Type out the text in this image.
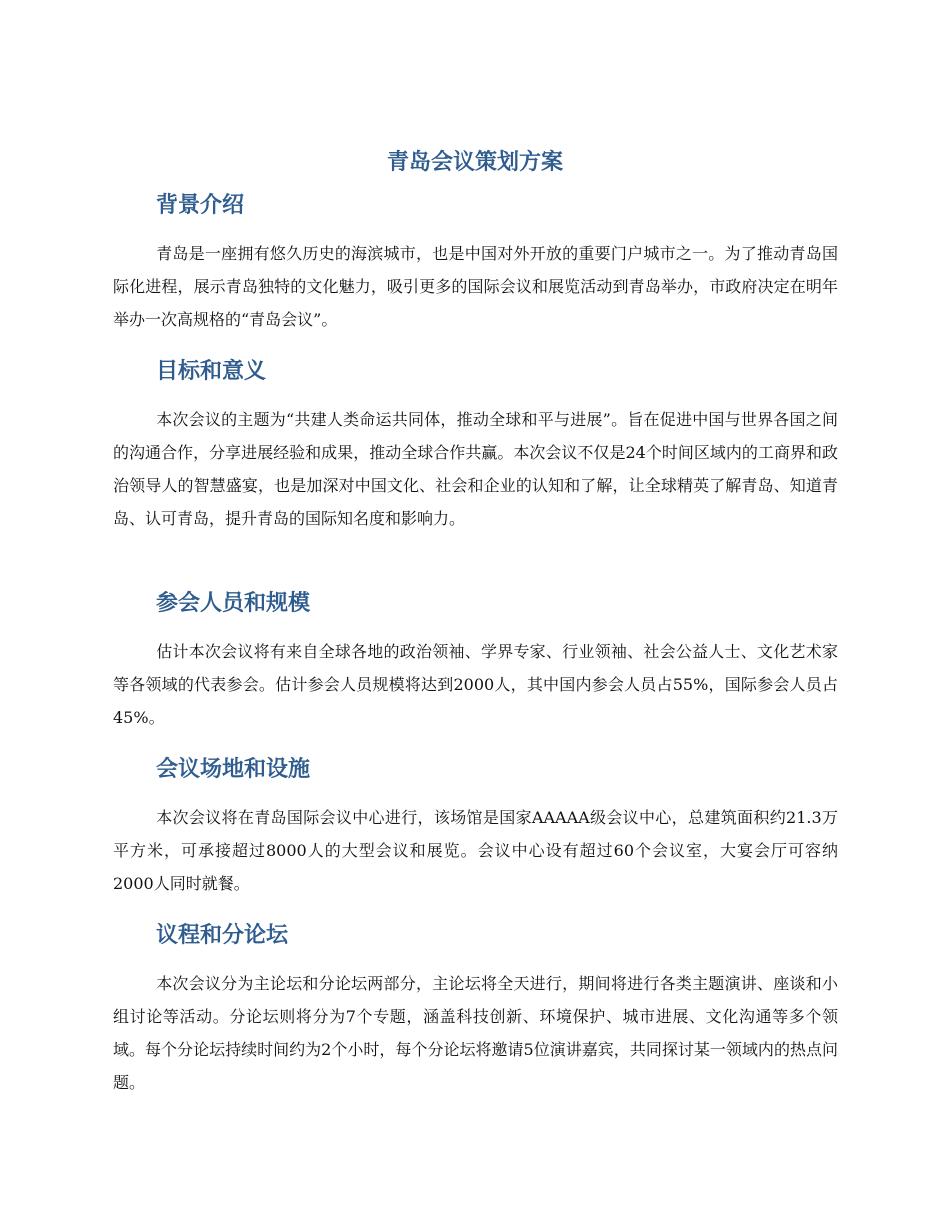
青岛会议策划方案
背景介绍

青岛是一座拥有悠久历史的海滨城市，也是中国对外开放的重要门户城市之一。为了推动青岛国际化进程，展示青岛独特的文化魅力，吸引更多的国际会议和展览活动到青岛举办，市政府决定在明年举办一次高规格的“青岛会议”。

目标和意义

本次会议的主题为“共建人类命运共同体，推动全球和平与进展”。旨在促进中国与世界各国之间的沟通合作，分享进展经验和成果，推动全球合作共赢。本次会议不仅是24个时间区域内的工商界和政治领导人的智慧盛宴，也是加深对中国文化、社会和企业的认知和了解，让全球精英了解青岛、知道青岛、认可青岛，提升青岛的国际知名度和影响力。

参会人员和规模

估计本次会议将有来自全球各地的政治领袖、学界专家、行业领袖、社会公益人士、文化艺术家等各领域的代表参会。估计参会人员规模将达到2000人，其中国内参会人员占55%，国际参会人员占45%。

会议场地和设施

本次会议将在青岛国际会议中心进行，该场馆是国家AAAAA级会议中心，总建筑面积约21.3万平方米，可承接超过8000人的大型会议和展览。会议中心设有超过60个会议室，大宴会厅可容纳2000人同时就餐。

议程和分论坛

本次会议分为主论坛和分论坛两部分，主论坛将全天进行，期间将进行各类主题演讲、座谈和小组讨论等活动。分论坛则将分为7个专题，涵盖科技创新、环境保护、城市进展、文化沟通等多个领域。每个分论坛持续时间约为2个小时，每个分论坛将邀请5位演讲嘉宾，共同探讨某一领域内的热点问题。
